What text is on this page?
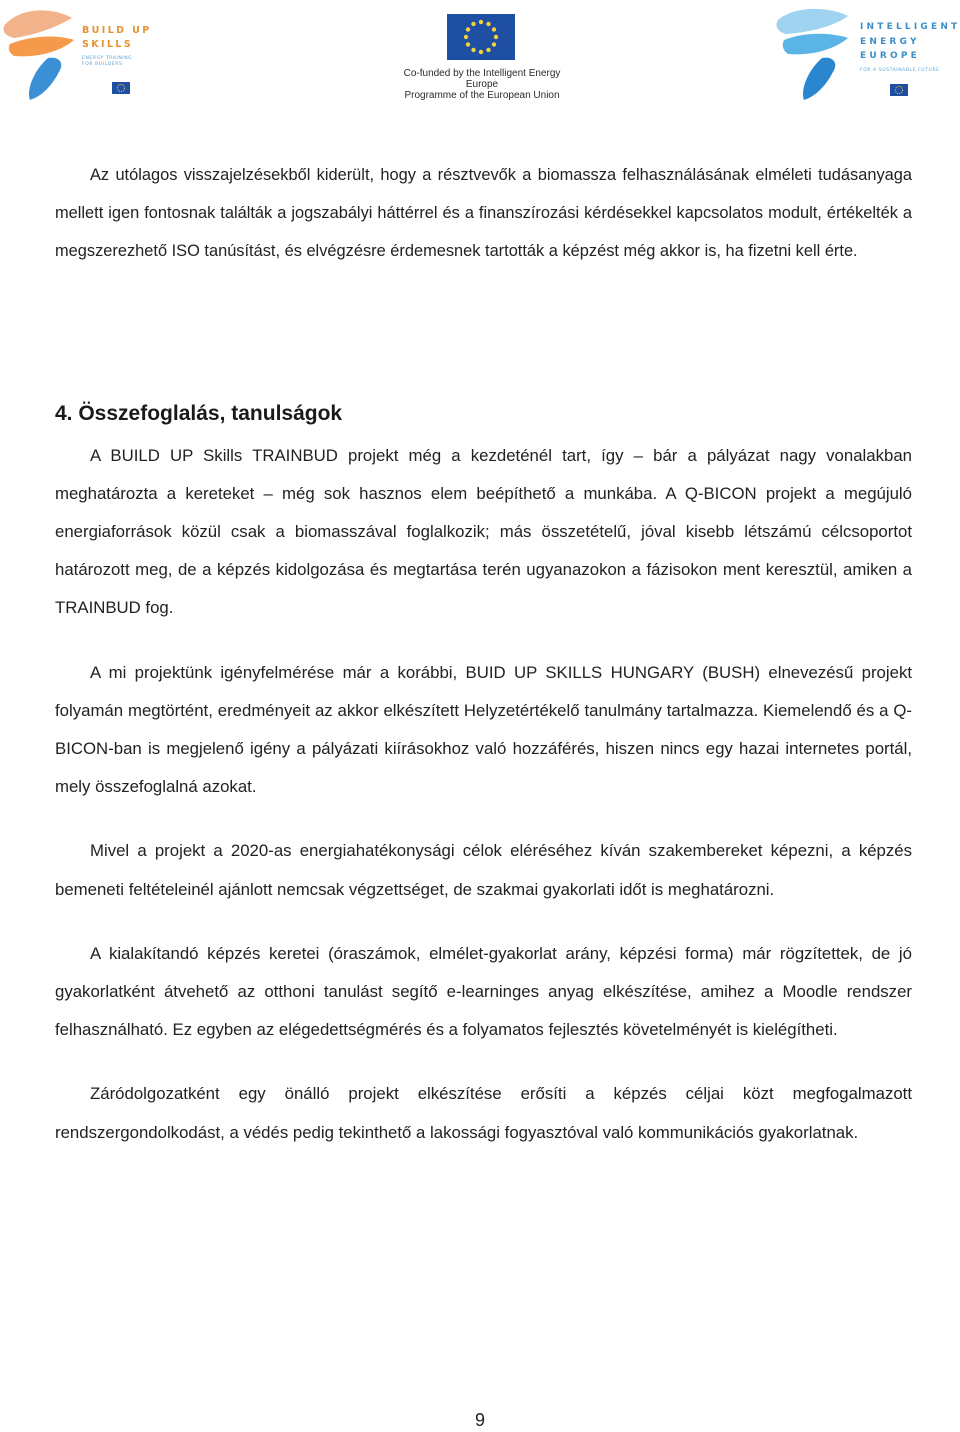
BUILD UP
SKILLS
ENERGY TRAINING
FOR BUILDERS
Co-funded by the Intelligent Energy Europe
Programme of the European Union
INTELLIGENT
ENERGY
EUROPE
FOR A SUSTAINABLE FUTURE

Az utólagos visszajelzésekből kiderült, hogy a résztvevők a biomassza felhasználásának elméleti tudásanyaga mellett igen fontosnak találták a jogszabályi háttérrel és a finanszírozási kérdésekkel kapcsolatos modult, értékelték a megszerezhető ISO tanúsítást, és elvégzésre érdemesnek tartották a képzést még akkor is, ha fizetni kell érte.

4. Összefoglalás, tanulságok

A BUILD UP Skills TRAINBUD projekt még a kezdeténél tart, így – bár a pályázat nagy vonalakban meghatározta a kereteket – még sok hasznos elem beépíthető a munkába. A Q-BICON projekt a megújuló energiaforrások közül csak a biomasszával foglalkozik; más összetételű, jóval kisebb létszámú célcsoportot határozott meg, de a képzés kidolgozása és megtartása terén ugyanazokon a fázisokon ment keresztül, amiken a TRAINBUD fog.

A mi projektünk igényfelmérése már a korábbi, BUID UP SKILLS HUNGARY (BUSH) elnevezésű projekt folyamán megtörtént, eredményeit az akkor elkészített Helyzetértékelő tanulmány tartalmazza. Kiemelendő és a Q-BICON-ban is megjelenő igény a pályázati kiírásokhoz való hozzáférés, hiszen nincs egy hazai internetes portál, mely összefoglalná azokat.

Mivel a projekt a 2020-as energiahatékonysági célok eléréséhez kíván szakembereket képezni, a képzés bemeneti feltételeinél ajánlott nemcsak végzettséget, de szakmai gyakorlati időt is meghatározni.

A kialakítandó képzés keretei (óraszámok, elmélet-gyakorlat arány, képzési forma) már rögzítettek, de jó gyakorlatként átvehető az otthoni tanulást segítő e-learninges anyag elkészítése, amihez a Moodle rendszer felhasználható. Ez egyben az elégedettségmérés és a folyamatos fejlesztés követelményét is kielégítheti.

Záródolgozatként egy önálló projekt elkészítése erősíti a képzés céljai közt megfogalmazott rendszergondolkodást, a védés pedig tekinthető a lakossági fogyasztóval való kommunikációs gyakorlatnak.

9
